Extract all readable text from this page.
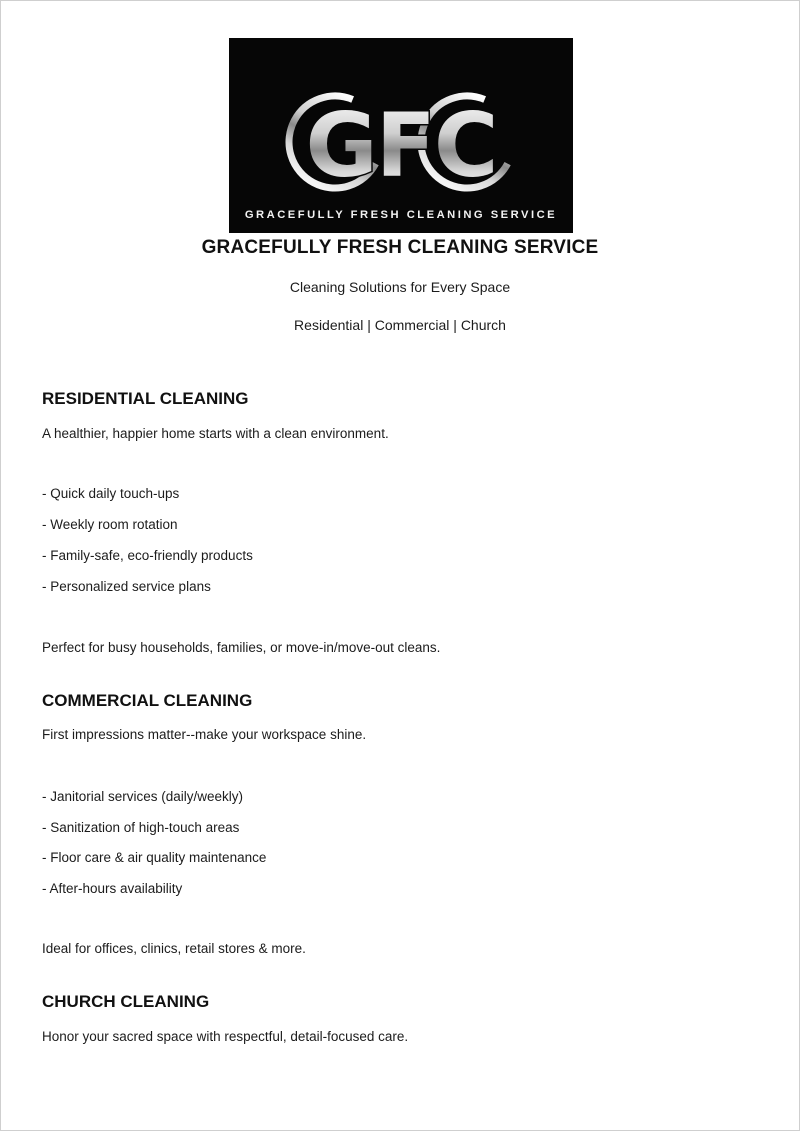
GFC
GRACEFULLY FRESH CLEANING SERVICE
GRACEFULLY FRESH CLEANING SERVICE

Cleaning Solutions for Every Space

Residential | Commercial | Church

RESIDENTIAL CLEANING

A healthier, happier home starts with a clean environment.

- Quick daily touch-ups

- Weekly room rotation

- Family-safe, eco-friendly products

- Personalized service plans

Perfect for busy households, families, or move-in/move-out cleans.

COMMERCIAL CLEANING

First impressions matter--make your workspace shine.

- Janitorial services (daily/weekly)

- Sanitization of high-touch areas

- Floor care & air quality maintenance

- After-hours availability

Ideal for offices, clinics, retail stores & more.

CHURCH CLEANING

Honor your sacred space with respectful, detail-focused care.
